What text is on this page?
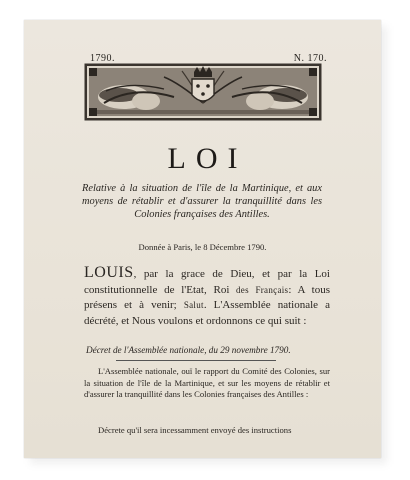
1790.	N. 170.
LOI
Relative à la situation de l'île de la Martinique, et aux moyens de rétablir et d'assurer la tranquillité dans les Colonies françaises des Antilles.
Donnée à Paris, le 8 Décembre 1790.
LOUIS, par la grace de Dieu, et par la Loi constitutionnelle de l'Etat, Roi des Français: A tous présens et à venir; Salut. L'Assemblée nationale a décrété, et Nous voulons et ordonnons ce qui suit :
Décret de l'Assemblée nationale, du 29 novembre 1790.
L'Assemblée nationale, ouï le rapport du Comité des Colonies, sur la situation de l'île de la Martinique, et sur les moyens de rétablir et d'assurer la tranquillité dans les Colonies françaises des Antilles :
Décrete qu'il sera incessamment envoyé des instructions
